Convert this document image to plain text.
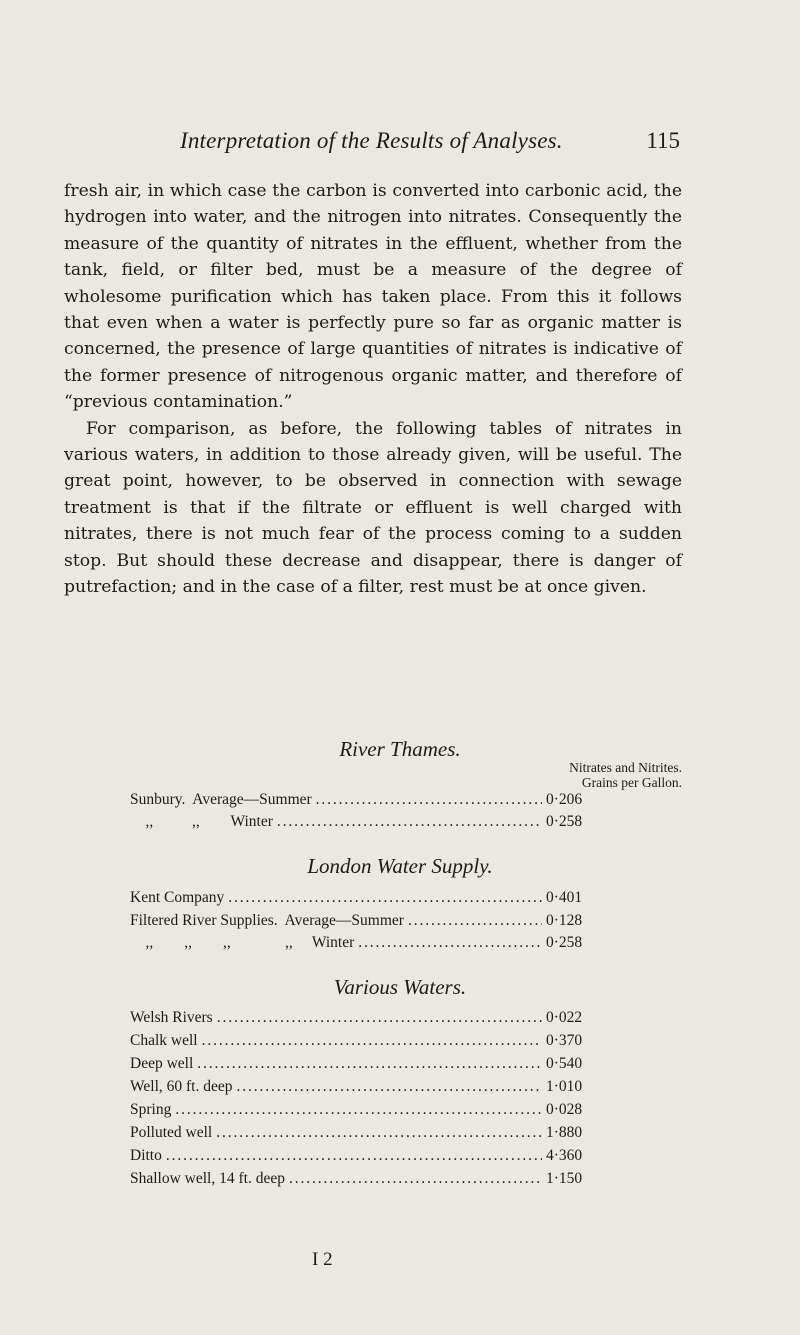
Interpretation of the Results of Analyses.	115

fresh air, in which case the carbon is converted into carbonic acid, the hydrogen into water, and the nitrogen into nitrates. Consequently the measure of the quantity of nitrates in the effluent, whether from the tank, field, or filter bed, must be a measure of the degree of wholesome purification which has taken place. From this it follows that even when a water is perfectly pure so far as organic matter is concerned, the presence of large quantities of nitrates is indicative of the former presence of nitrogenous organic matter, and therefore of “previous contamination.”

For comparison, as before, the following tables of nitrates in various waters, in addition to those already given, will be useful. The great point, however, to be observed in connection with sewage treatment is that if the filtrate or effluent is well charged with nitrates, there is not much fear of the process coming to a sudden stop. But should these decrease and disappear, there is danger of putrefaction; and in the case of a filter, rest must be at once given.

River Thames.
Nitrates and Nitrites.
Grains per Gallon.
Sunbury.  Average—Summer . . .	0·206
,,          ,,        Winter . . .	0·258
London Water Supply.
Kent Company . . .	0·401
Filtered River Supplies.  Average—Summer . . .	0·128
,,        ,,        ,,              ,,     Winter . . .	0·258
Various Waters.
Welsh Rivers . . .	0·022
Chalk well . . .	0·370
Deep well . . .	0·540
Well, 60 ft. deep . . .	1·010
Spring . . .	0·028
Polluted well . . .	1·880
Ditto . . .	4·360
Shallow well, 14 ft. deep . . .	1·150
I 2
